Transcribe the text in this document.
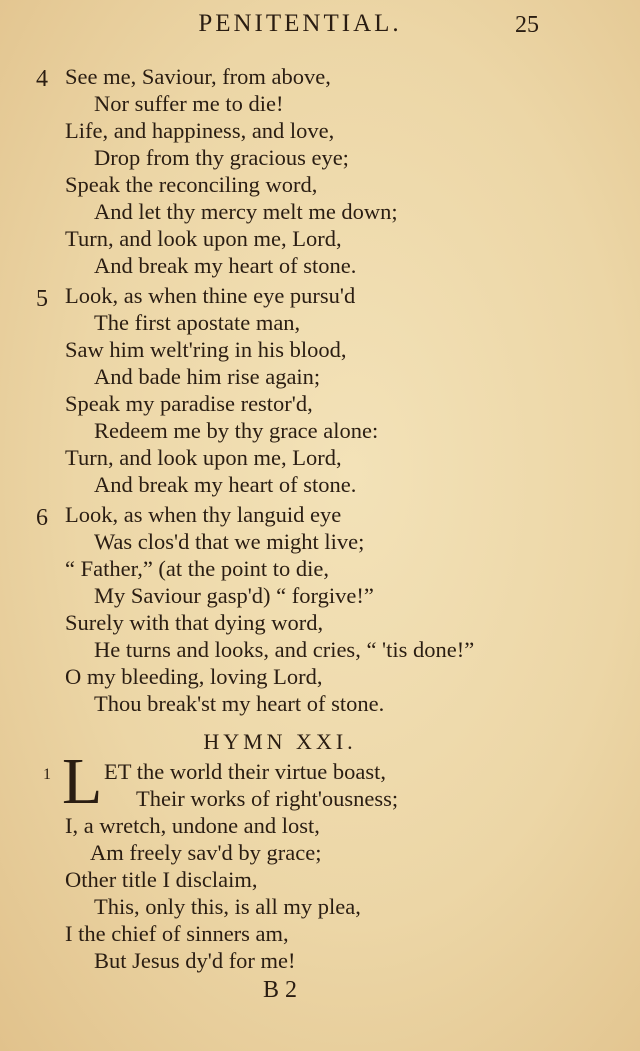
PENITENTIAL.	25
4 See me, Saviour, from above,
Nor suffer me to die!
Life, and happiness, and love,
Drop from thy gracious eye;
Speak the reconciling word,
And let thy mercy melt me down;
Turn, and look upon me, Lord,
And break my heart of stone.
5 Look, as when thine eye pursu'd
The first apostate man,
Saw him welt'ring in his blood,
And bade him rise again;
Speak my paradise restor'd,
Redeem me by thy grace alone:
Turn, and look upon me, Lord,
And break my heart of stone.
6 Look, as when thy languid eye
Was clos'd that we might live;
“ Father,” (at the point to die,
My Saviour gasp'd) “ forgive!”
Surely with that dying word,
He turns and looks, and cries, “ 'tis done!”
O my bleeding, loving Lord,
Thou break'st my heart of stone.
HYMN XXI.
1 L ET the world their virtue boast,
Their works of right'ousness;
I, a wretch, undone and lost,
Am freely sav'd by grace;
Other title I disclaim,
This, only this, is all my plea,
I the chief of sinners am,
But Jesus dy'd for me!
B 2
